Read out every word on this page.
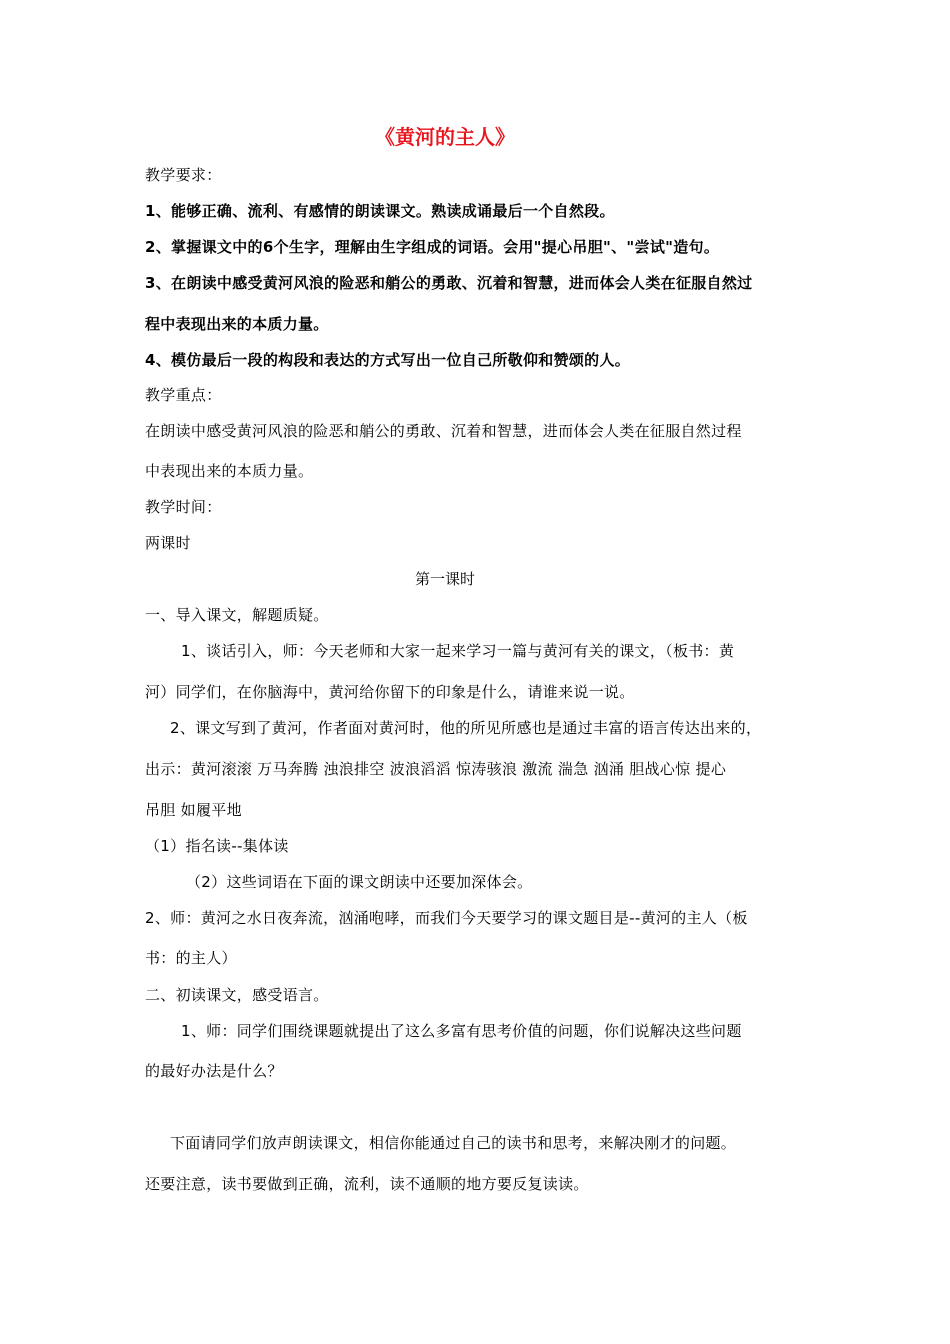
《黄河的主人》
教学要求：
1、能够正确、流利、有感情的朗读课文。熟读成诵最后一个自然段。
2、掌握课文中的6个生字，理解由生字组成的词语。会用"提心吊胆"、"尝试"造句。
3、在朗读中感受黄河风浪的险恶和艄公的勇敢、沉着和智慧，进而体会人类在征服自然过
程中表现出来的本质力量。
4、模仿最后一段的构段和表达的方式写出一位自己所敬仰和赞颂的人。
教学重点：
在朗读中感受黄河风浪的险恶和艄公的勇敢、沉着和智慧，进而体会人类在征服自然过程
中表现出来的本质力量。
教学时间：
两课时
第一课时
一、导入课文，解题质疑。
1、谈话引入，师：今天老师和大家一起来学习一篇与黄河有关的课文，（板书：黄
河）同学们，在你脑海中，黄河给你留下的印象是什么，请谁来说一说。
2、课文写到了黄河，作者面对黄河时，他的所见所感也是通过丰富的语言传达出来的，
出示：黄河滚滚 万马奔腾 浊浪排空 波浪滔滔 惊涛骇浪 激流 湍急 汹涌 胆战心惊 提心
吊胆 如履平地
（1）指名读--集体读
（2）这些词语在下面的课文朗读中还要加深体会。
2、师：黄河之水日夜奔流，汹涌咆哮，而我们今天要学习的课文题目是--黄河的主人（板
书：的主人）
二、初读课文，感受语言。
1、师：同学们围绕课题就提出了这么多富有思考价值的问题，你们说解决这些问题
的最好办法是什么？
下面请同学们放声朗读课文，相信你能通过自己的读书和思考，来解决刚才的问题。
还要注意，读书要做到正确，流利，读不通顺的地方要反复读读。
